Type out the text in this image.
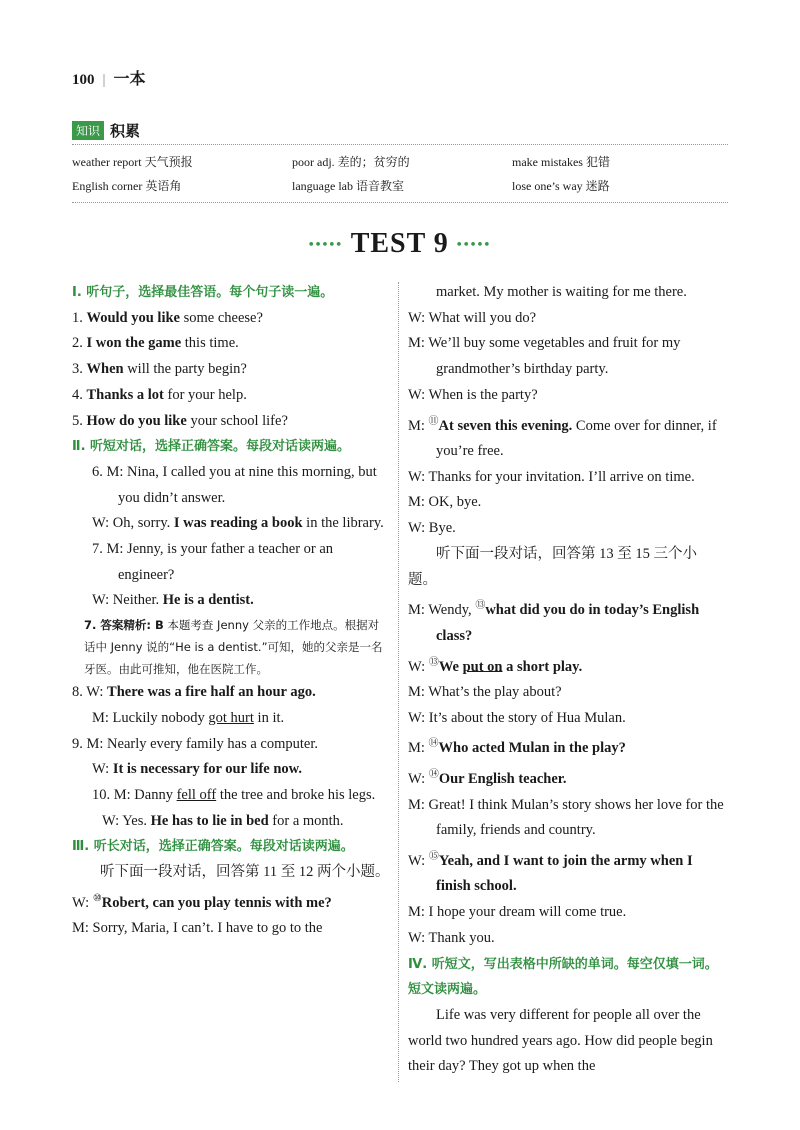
100 | 一本
知识 积累
weather report 天气预报	poor adj. 差的；贫穷的	make mistakes 犯错
English corner 英语角	language lab 语音教室	lose one’s way 迷路
••••• TEST 9 •••••
Ⅰ. 听句子，选择最佳答语。每个句子读一遍。

1. Would you like some cheese?

2. I won the game this time.

3. When will the party begin?

4. Thanks a lot for your help.

5. How do you like your school life?

Ⅱ. 听短对话，选择正确答案。每段对话读两遍。

6. M: Nina, I called you at nine this morning, but you didn’t answer.

W: Oh, sorry. I was reading a book in the library.

7. M: Jenny, is your father a teacher or an engineer?

W: Neither. He is a dentist.

7. 答案精析: B 本题考查 Jenny 父亲的工作地点。根据对话中 Jenny 说的“He is a dentist.”可知，她的父亲是一名牙医。由此可推知，他在医院工作。

8. W: There was a fire half an hour ago.

M: Luckily nobody got hurt in it.

9. M: Nearly every family has a computer.

W: It is necessary for our life now.

10. M: Danny fell off the tree and broke his legs.

W: Yes. He has to lie in bed for a month.

Ⅲ. 听长对话，选择正确答案。每段对话读两遍。

听下面一段对话，回答第 11 至 12 两个小题。

W: ⑩Robert, can you play tennis with me?

M: Sorry, Maria, I can’t. I have to go to the

market. My mother is waiting for me there.

W: What will you do?

M: We’ll buy some vegetables and fruit for my grandmother’s birthday party.

W: When is the party?

M: ⑪At seven this evening. Come over for dinner, if you’re free.

W: Thanks for your invitation. I’ll arrive on time.

M: OK, bye.

W: Bye.

听下面一段对话，回答第 13 至 15 三个小题。

M: Wendy, ⑬what did you do in today’s English class?

W: ⑬We put on a short play.

M: What’s the play about?

W: It’s about the story of Hua Mulan.

M: ⑭Who acted Mulan in the play?

W: ⑭Our English teacher.

M: Great! I think Mulan’s story shows her love for the family, friends and country.

W: ⑮Yeah, and I want to join the army when I finish school.

M: I hope your dream will come true.

W: Thank you.

Ⅳ. 听短文，写出表格中所缺的单词。每空仅填一词。短文读两遍。

Life was very different for people all over the world two hundred years ago. How did people begin their day? They got up when the
